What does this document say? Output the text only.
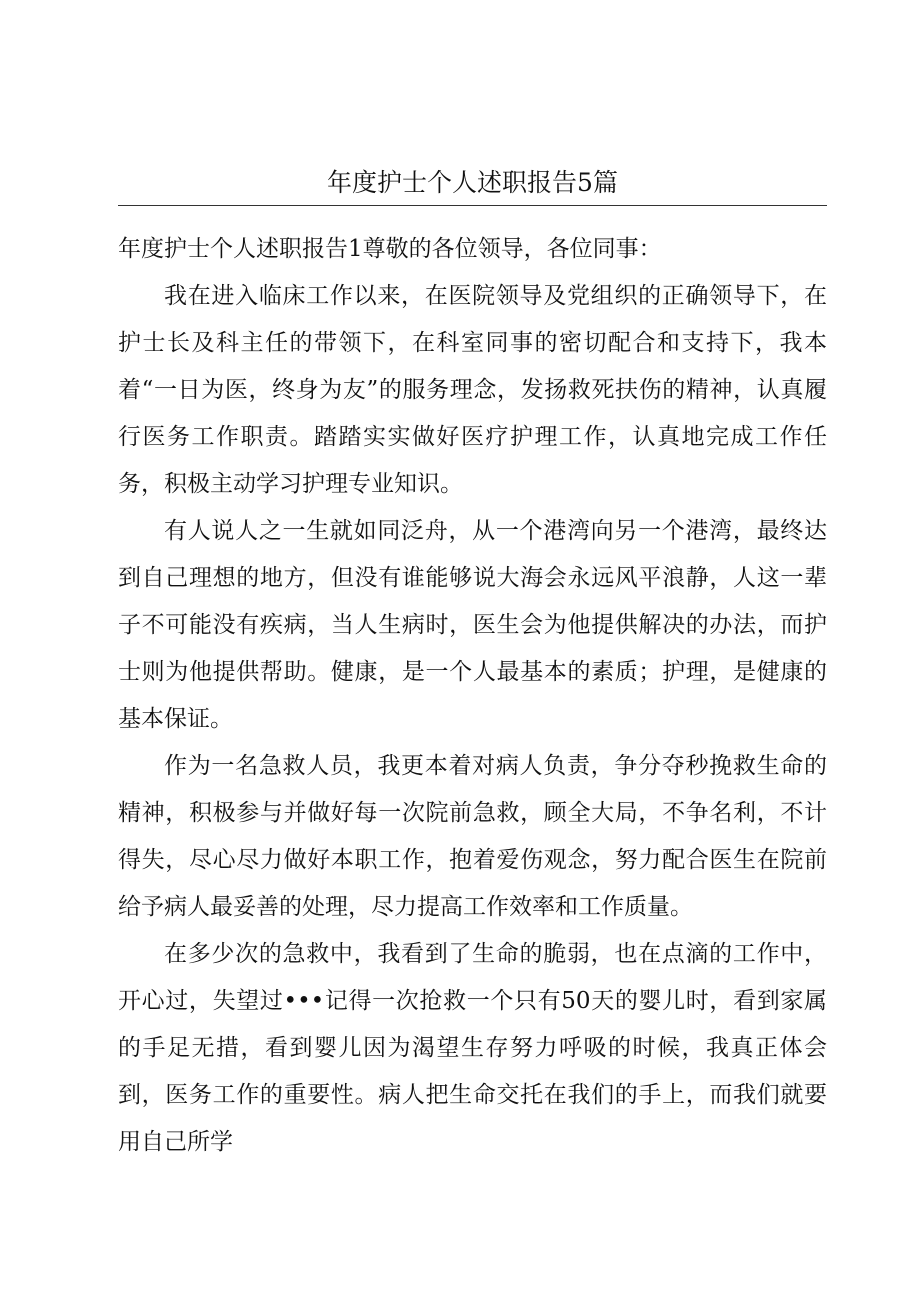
年度护士个人述职报告5篇

年度护士个人述职报告1尊敬的各位领导，各位同事：

我在进入临床工作以来，在医院领导及党组织的正确领导下，在护士长及科主任的带领下，在科室同事的密切配合和支持下，我本着“一日为医，终身为友”的服务理念，发扬救死扶伤的精神，认真履行医务工作职责。踏踏实实做好医疗护理工作，认真地完成工作任务，积极主动学习护理专业知识。

有人说人之一生就如同泛舟，从一个港湾向另一个港湾，最终达到自己理想的地方，但没有谁能够说大海会永远风平浪静，人这一辈子不可能没有疾病，当人生病时，医生会为他提供解决的办法，而护士则为他提供帮助。健康，是一个人最基本的素质；护理，是健康的基本保证。

作为一名急救人员，我更本着对病人负责，争分夺秒挽救生命的精神，积极参与并做好每一次院前急救，顾全大局，不争名利，不计得失，尽心尽力做好本职工作，抱着爱伤观念，努力配合医生在院前给予病人最妥善的处理，尽力提高工作效率和工作质量。

在多少次的急救中，我看到了生命的脆弱，也在点滴的工作中，开心过，失望过•••记得一次抢救一个只有50天的婴儿时，看到家属的手足无措，看到婴儿因为渴望生存努力呼吸的时候，我真正体会到，医务工作的重要性。病人把生命交托在我们的手上，而我们就要用自己所学
